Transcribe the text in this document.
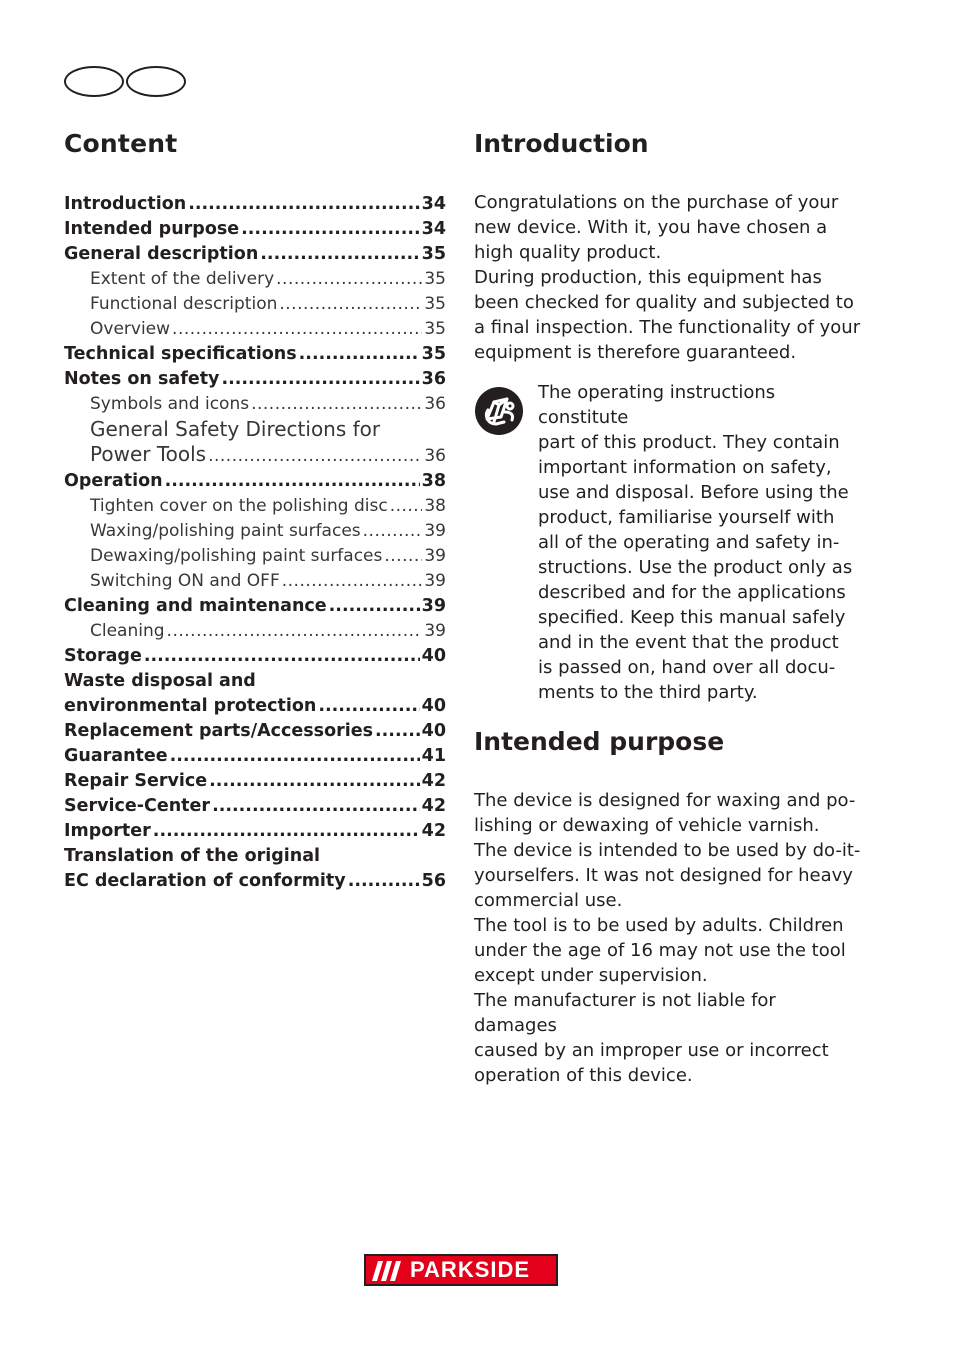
Content
Introduction .....	34
Intended purpose .....	34
General description .....	35
Extent of the delivery .....	35
Functional description .....	35
Overview .....	35
Technical specifications .....	35
Notes on safety .....	36
Symbols and icons .....	36
General Safety Directions for
Power Tools .....	36
Operation .....	38
Tighten cover on the polishing disc ..... 38
Waxing/polishing paint surfaces .....	39
Dewaxing/polishing paint surfaces ..... 39
Switching ON and OFF .....	39
Cleaning and maintenance .....	39
Cleaning .....	39
Storage .....	40
Waste disposal and
environmental protection .....	40
Replacement parts/Accessories .....	40
Guarantee .....	41
Repair Service .....	42
Service-Center .....	42
Importer .....	42
Translation of the original
EC declaration of conformity .....	56
Introduction

Congratulations on the purchase of your
new device. With it, you have chosen a
high quality product.
During production, this equipment has
been checked for quality and subjected to
a final inspection. The functionality of your
equipment is therefore guaranteed.

The operating instructions constitute
part of this product. They contain
important information on safety,
use and disposal. Before using the
product, familiarise yourself with
all of the operating and safety in-
structions. Use the product only as
described and for the applications
specified. Keep this manual safely
and in the event that the product
is passed on, hand over all docu-
ments to the third party.

Intended purpose

The device is designed for waxing and po-
lishing or dewaxing of vehicle varnish.
The device is intended to be used by do-it-
yourselfers. It was not designed for heavy
commercial use.
The tool is to be used by adults. Children
under the age of 16 may not use the tool
except under supervision.
The manufacturer is not liable for damages
caused by an improper use or incorrect
operation of this device.

PARKSIDE
